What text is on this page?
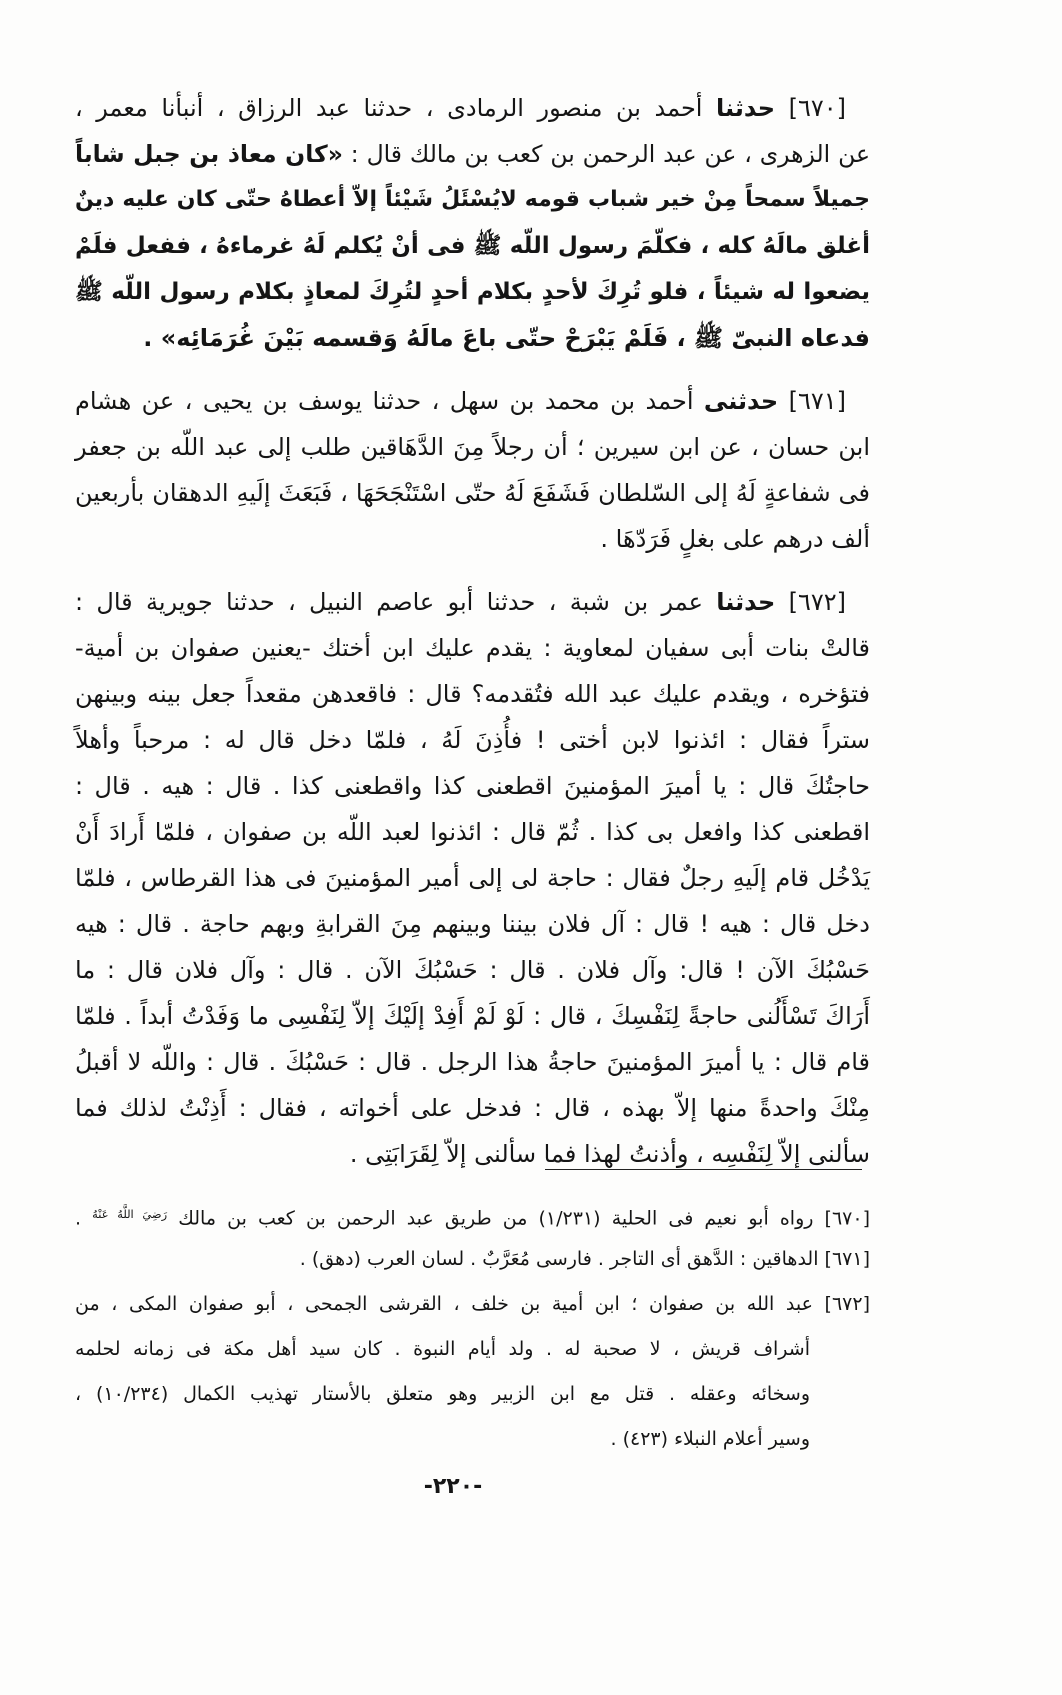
[٦٧٠] حدثنا أحمد بن منصور الرمادى ، حدثنا عبد الرزاق ، أنبأنا معمر ،
عن الزهرى ، عن عبد الرحمن بن كعب بن مالك قال : «كان معاذ بن جبل شاباً
جميلاً سمحاً مِنْ خير شباب قومه لايُسْئَلُ شَيْئاً إلاّ أعطاهُ حتّى كان عليه دينٌ
أغلق مالَهُ كله ، فكلّمَ رسول اللّه ﷺ فى أنْ يُكلم لَهُ غرماءهُ ، ففعل فلَمْ
يضعوا له شيئاً ، فلو تُرِكَ لأحدٍ بكلام أحدٍ لتُرِكَ لمعاذٍ بكلام رسول اللّه ﷺ
فدعاه النبىّ ﷺ ، فَلَمْ يَبْرَحْ حتّى باعَ مالَهُ وَقسمه بَيْنَ غُرَمَائِه» .
[٦٧١] حدثنى أحمد بن محمد بن سهل ، حدثنا يوسف بن يحيى ، عن هشام
ابن حسان ، عن ابن سيرين ؛ أن رجلاً مِنَ الدَّهَاقين طلب إلى عبد اللّه بن جعفر
فى شفاعةٍ لَهُ إلى السّلطان فَشَفَعَ لَهُ حتّى اسْتَنْجَحَهَا ، فَبَعَثَ إلَيهِ الدهقان بأربعين
ألف درهم على بغلٍ فَرَدّهَا .
[٦٧٢] حدثنا عمر بن شبة ، حدثنا أبو عاصم النبيل ، حدثنا جويرية قال :
قالتْ بنات أبى سفيان لمعاوية : يقدم عليك ابن أختك -يعنين صفوان بن أمية-
فتؤخره ، ويقدم عليك عبد الله فتُقدمه؟ قال : فاقعدهن مقعداً جعل بينه وبينهن
ستراً فقال : ائذنوا لابن أختى ! فأُذِنَ لَهُ ، فلمّا دخل قال له : مرحباً وأهلاً
حاجتُكَ قال : يا أميرَ المؤمنينَ اقطعنى كذا واقطعنى كذا . قال : هيه . قال :
اقطعنى كذا وافعل بى كذا . ثُمّ قال : ائذنوا لعبد اللّه بن صفوان ، فلمّا أَرادَ أَنْ
يَدْخُل قام إلَيهِ رجلٌ فقال : حاجة لى إلى أمير المؤمنينَ فى هذا القرطاس ، فلمّا
دخل قال : هيه ! قال : آل فلان بيننا وبينهم مِنَ القرابةِ وبهم حاجة . قال : هيه
حَسْبُكَ الآن ! قال: وآل فلان . قال : حَسْبُكَ الآن . قال : وآل فلان قال : ما
أَرَاكَ تَسْأَلُنى حاجةً لِنَفْسِكَ ، قال : لَوْ لَمْ أَفِدْ إلَيْكَ إلاّ لِنَفْسِى ما وَفَدْتُ أبداً . فلمّا
قام قال : يا أميرَ المؤمنينَ حاجةُ هذا الرجل . قال : حَسْبُكَ . قال : واللّه لا أقبلُ
مِنْكَ واحدةً منها إلاّ بهذه ، قال : فدخل على أخواته ، فقال : أَذِنْتُ لذلك فما
سألنى إلاّ لِنَفْسِه ، وأذنتُ لهذا فما سألنى إلاّ لِقَرَابَتِى .
[٦٧٠] رواه أبو نعيم فى الحلية (١/٢٣١) من طريق عبد الرحمن بن كعب بن مالك $^{رَضِيَ اللَّهُ عَنْهُ}$ .
[٦٧١] الدهاقين : الدَّهق أى التاجر . فارسى مُعَرَّبٌ . لسان العرب (دهق) .
[٦٧٢] عبد الله بن صفوان ؛ ابن أمية بن خلف ، القرشى الجمحى ، أبو صفوان المكى ، من
أشراف قريش ، لا صحبة له . ولد أيام النبوة . كان سيد أهل مكة فى زمانه لحلمه
وسخائه وعقله . قتل مع ابن الزبير وهو متعلق بالأستار تهذيب الكمال (١٠/٢٣٤) ،
وسير أعلام النبلاء (٤٢٣) .
-٢٢٠-
